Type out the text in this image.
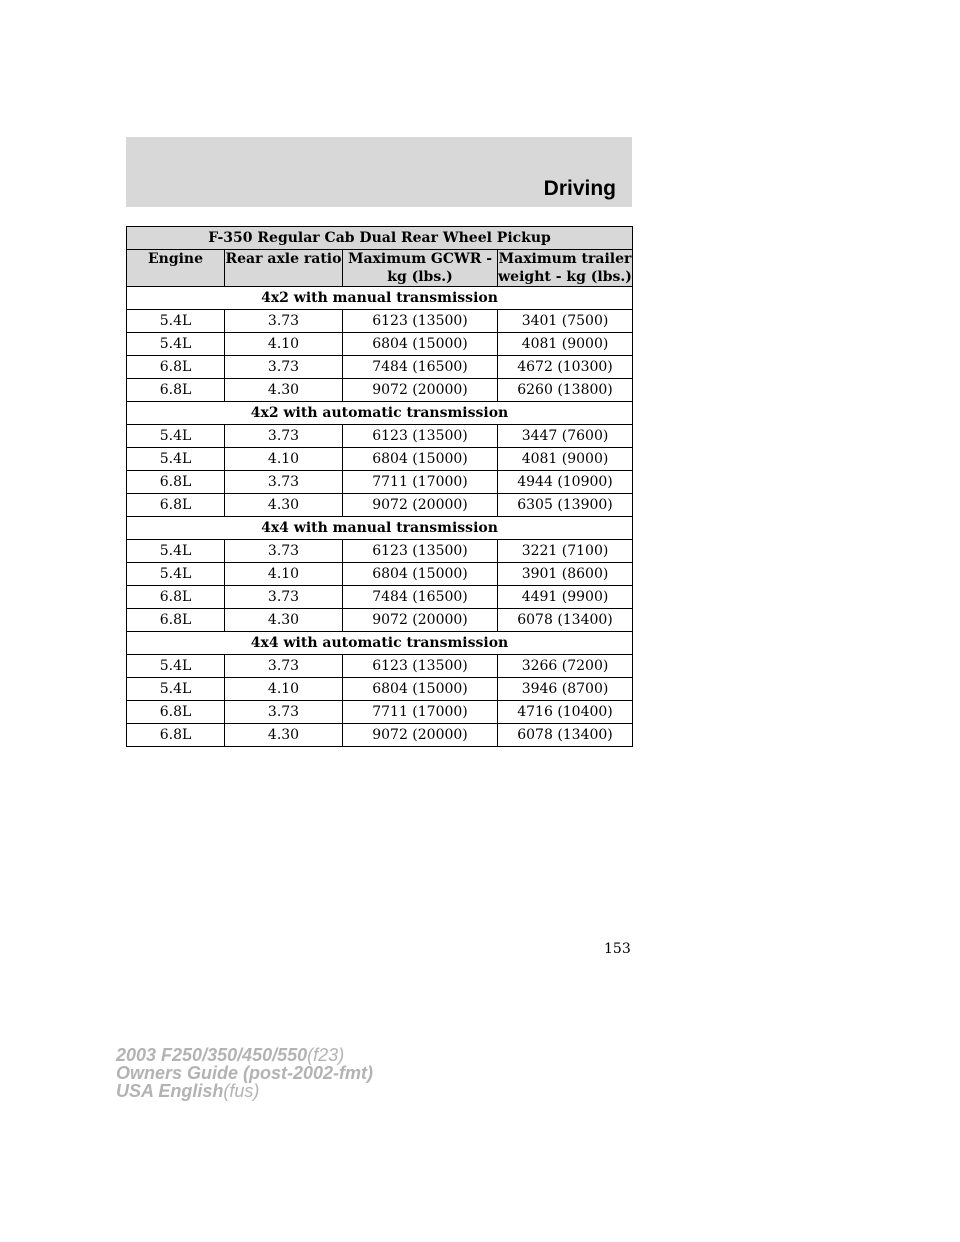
Driving
F-350 Regular Cab Dual Rear Wheel Pickup			
Engine	Rear axle ratio	Maximum GCWR - kg (lbs.)	Maximum trailer weight - kg (lbs.)
4x2 with manual transmission			
5.4L	3.73	6123 (13500)	3401 (7500)
5.4L	4.10	6804 (15000)	4081 (9000)
6.8L	3.73	7484 (16500)	4672 (10300)
6.8L	4.30	9072 (20000)	6260 (13800)
4x2 with automatic transmission			
5.4L	3.73	6123 (13500)	3447 (7600)
5.4L	4.10	6804 (15000)	4081 (9000)
6.8L	3.73	7711 (17000)	4944 (10900)
6.8L	4.30	9072 (20000)	6305 (13900)
4x4 with manual transmission			
5.4L	3.73	6123 (13500)	3221 (7100)
5.4L	4.10	6804 (15000)	3901 (8600)
6.8L	3.73	7484 (16500)	4491 (9900)
6.8L	4.30	9072 (20000)	6078 (13400)
4x4 with automatic transmission			
5.4L	3.73	6123 (13500)	3266 (7200)
5.4L	4.10	6804 (15000)	3946 (8700)
6.8L	3.73	7711 (17000)	4716 (10400)
6.8L	4.30	9072 (20000)	6078 (13400)
153
2003 F250/350/450/550(f23)
Owners Guide (post-2002-fmt)
USA English(fus)
